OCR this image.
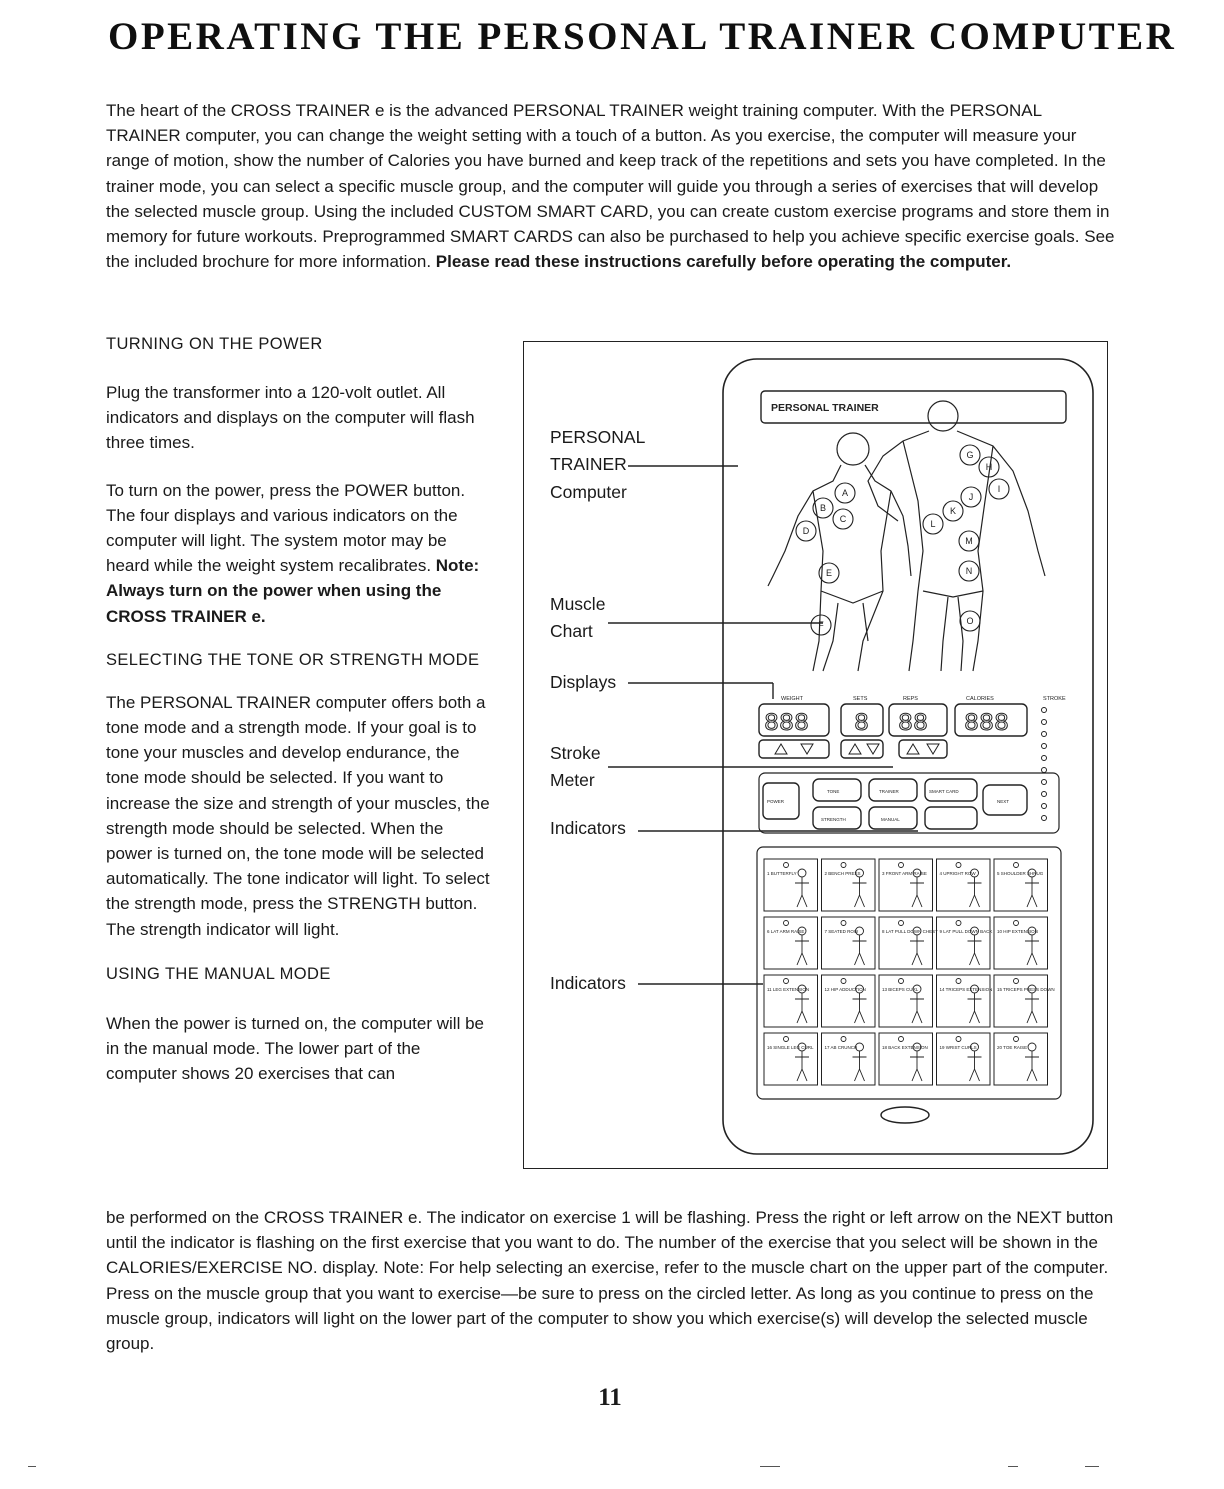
OPERATING THE PERSONAL TRAINER COMPUTER
The heart of the CROSS TRAINER e is the advanced PERSONAL TRAINER weight training computer. With the PERSONAL TRAINER computer, you can change the weight setting with a touch of a button. As you exercise, the computer will measure your range of motion, show the number of Calories you have burned and keep track of the repetitions and sets you have completed. In the trainer mode, you can select a specific muscle group, and the computer will guide you through a series of exercises that will develop the selected muscle group. Using the included CUSTOM SMART CARD, you can create custom exercise programs and store them in memory for future workouts. Preprogrammed SMART CARDS can also be purchased to help you achieve specific exercise goals. See the included brochure for more information. Please read these instructions carefully before operating the computer.

TURNING ON THE POWER

Plug the transformer into a 120-volt outlet. All indicators and displays on the computer will flash three times.

To turn on the power, press the POWER button. The four displays and various indicators on the computer will light. The system motor may be heard while the weight system recalibrates. Note: Always turn on the power when using the CROSS TRAINER e.

SELECTING THE TONE OR STRENGTH MODE

The PERSONAL TRAINER computer offers both a tone mode and a strength mode. If your goal is to tone your muscles and develop endurance, the tone mode should be selected. If you want to increase the size and strength of your muscles, the strength mode should be selected. When the power is turned on, the tone mode will be selected automatically. The tone indicator will light. To select the strength mode, press the STRENGTH button. The strength indicator will light.

USING THE MANUAL MODE

When the power is turned on, the computer will be in the manual mode. The lower part of the computer shows 20 exercises that can

be performed on the CROSS TRAINER e. The indicator on exercise 1 will be flashing. Press the right or left arrow on the NEXT button until the indicator is flashing on the first exercise that you want to do. The number of the exercise that you select will be shown in the CALORIES/EXERCISE NO. display. Note: For help selecting an exercise, refer to the muscle chart on the upper part of the computer. Press on the muscle group that you want to exercise—be sure to press on the circled letter. As long as you continue to press on the muscle group, indicators will light on the lower part of the computer to show you which exercise(s) will develop the selected muscle group.
PERSONAL
TRAINER
Computer
Muscle
Chart
Displays
Stroke
Meter
Indicators
Indicators
PERSONAL TRAINER
A
B
C
D
E
F
G
H
I
J
K
L
M
N
O
WEIGHT	SETS	REPS	CALORIES	STROKE
888 8 88 888
POWER
TONE
STRENGTH
TRAINER
MANUAL
SMART CARD
NEXT
1 BUTTERFLY	2 BENCH PRESS	3 FRONT ARM RAISE	4 UPRIGHT ROW	5 SHOULDER SHRUG
6 LAT ARM RAISE	7 SEATED ROW	8 LAT PULL DOWN CHEST 9 LAT PULL DOWN BACK 10 HIP EXTENSION
11 LEG EXTENSION	12 HIP ADDUCTION	13 BICEPS CURL	14 TRICEPS EXTENSION 15 TRICEPS PRESS DOWN
16 SINGLE LEG CURL 17 AB CRUNCH	18 BACK EXTENSION	19 WRIST CURLS	20 TOE RAISE
11
